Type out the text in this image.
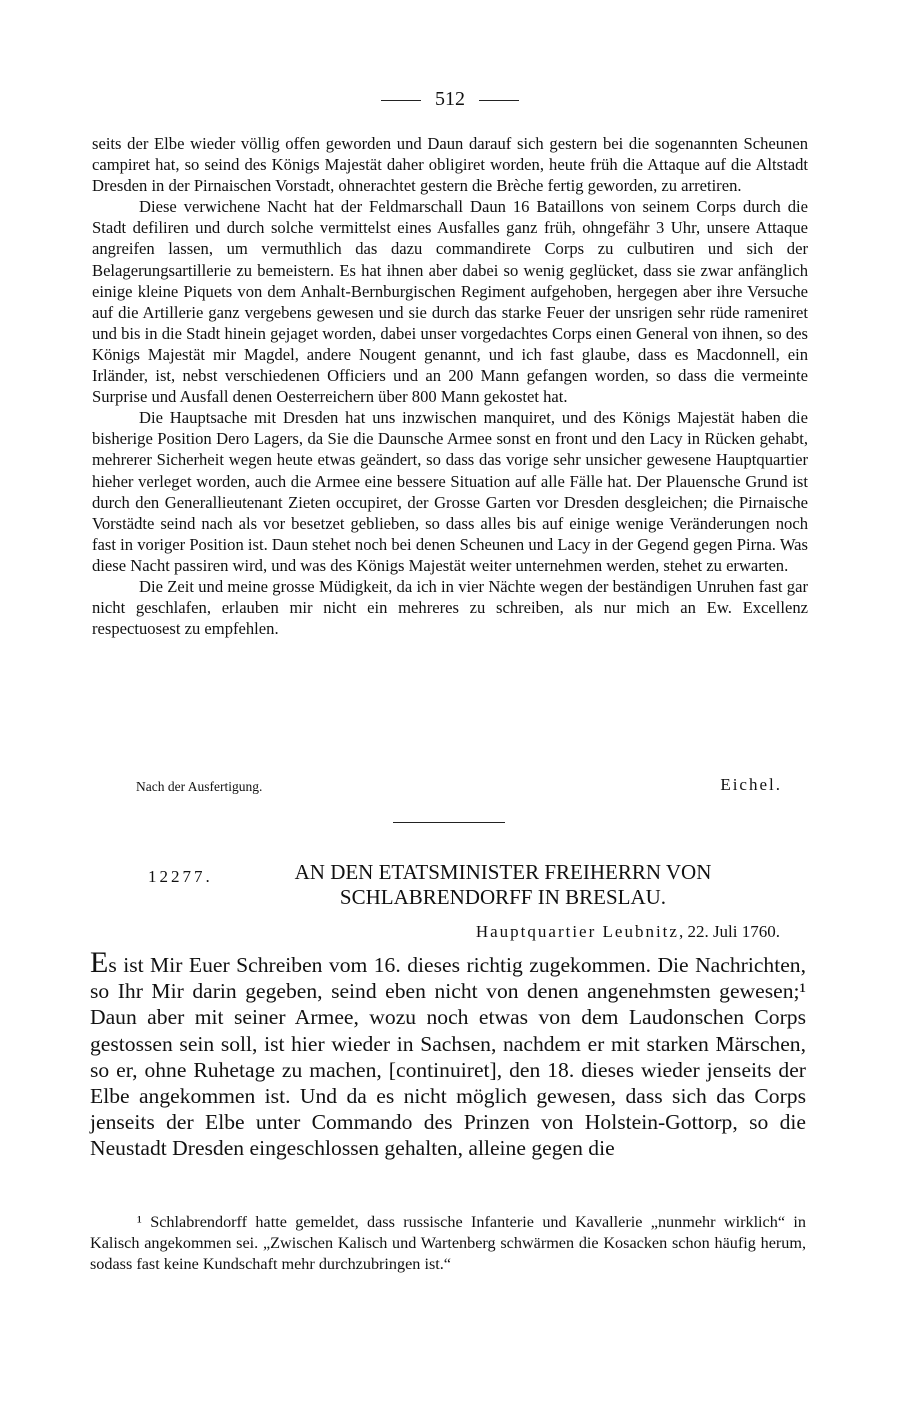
512

seits der Elbe wieder völlig offen geworden und Daun darauf sich gestern bei die sogenannten Scheunen campiret hat, so seind des Königs Majestät daher obligiret worden, heute früh die Attaque auf die Altstadt Dresden in der Pirnaischen Vorstadt, ohnerachtet gestern die Brèche fertig geworden, zu arretiren.

Diese verwichene Nacht hat der Feldmarschall Daun 16 Bataillons von seinem Corps durch die Stadt defiliren und durch solche vermittelst eines Ausfalles ganz früh, ohngefähr 3 Uhr, unsere Attaque angreifen lassen, um vermuthlich das dazu commandirete Corps zu culbutiren und sich der Belagerungsartillerie zu bemeistern. Es hat ihnen aber dabei so wenig geglücket, dass sie zwar anfänglich einige kleine Piquets von dem Anhalt-Bernburgischen Regiment aufgehoben, hergegen aber ihre Versuche auf die Artillerie ganz vergebens gewesen und sie durch das starke Feuer der unsrigen sehr rüde rameniret und bis in die Stadt hinein gejaget worden, dabei unser vorgedachtes Corps einen General von ihnen, so des Königs Majestät mir Magdel, andere Nougent genannt, und ich fast glaube, dass es Macdonnell, ein Irländer, ist, nebst verschiedenen Officiers und an 200 Mann gefangen worden, so dass die vermeinte Surprise und Ausfall denen Oesterreichern über 800 Mann gekostet hat.

Die Hauptsache mit Dresden hat uns inzwischen manquiret, und des Königs Majestät haben die bisherige Position Dero Lagers, da Sie die Daunsche Armee sonst en front und den Lacy in Rücken gehabt, mehrerer Sicherheit wegen heute etwas geändert, so dass das vorige sehr unsicher gewesene Hauptquartier hieher verleget worden, auch die Armee eine bessere Situation auf alle Fälle hat. Der Plauensche Grund ist durch den Generallieutenant Zieten occupiret, der Grosse Garten vor Dresden desgleichen; die Pirnaische Vorstädte seind nach als vor besetzet geblieben, so dass alles bis auf einige wenige Veränderungen noch fast in voriger Position ist. Daun stehet noch bei denen Scheunen und Lacy in der Gegend gegen Pirna. Was diese Nacht passiren wird, und was des Königs Majestät weiter unternehmen werden, stehet zu erwarten.

Die Zeit und meine grosse Müdigkeit, da ich in vier Nächte wegen der beständigen Unruhen fast gar nicht geschlafen, erlauben mir nicht ein mehreres zu schreiben, als nur mich an Ew. Excellenz respectuosest zu empfehlen.

Nach der Ausfertigung.	Eichel.
12277.	AN DEN ETATSMINISTER FREIHERRN VON
SCHLABRENDORFF IN BRESLAU.
Hauptquartier Leubnitz, 22. Juli 1760.
Es ist Mir Euer Schreiben vom 16. dieses richtig zugekommen. Die Nachrichten, so Ihr Mir darin gegeben, seind eben nicht von denen angenehmsten gewesen;¹ Daun aber mit seiner Armee, wozu noch etwas von dem Laudonschen Corps gestossen sein soll, ist hier wieder in Sachsen, nachdem er mit starken Märschen, so er, ohne Ruhetage zu machen, [continuiret], den 18. dieses wieder jenseits der Elbe angekommen ist. Und da es nicht möglich gewesen, dass sich das Corps jenseits der Elbe unter Commando des Prinzen von Holstein-Gottorp, so die Neustadt Dresden eingeschlossen gehalten, alleine gegen die
¹ Schlabrendorff hatte gemeldet, dass russische Infanterie und Kavallerie „nunmehr wirklich“ in Kalisch angekommen sei. „Zwischen Kalisch und Wartenberg schwärmen die Kosacken schon häufig herum, sodass fast keine Kundschaft mehr durchzubringen ist.“
